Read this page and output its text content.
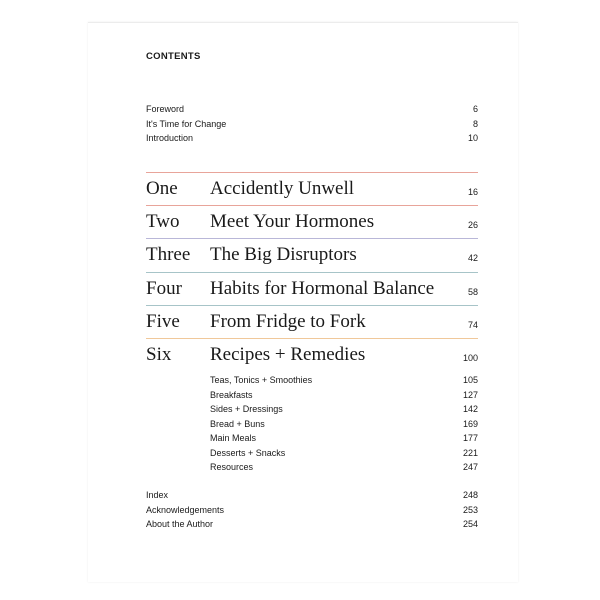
CONTENTS
Foreword	6
It's Time for Change	8
Introduction	10
One	Accidently Unwell	16
Two	Meet Your Hormones	26
Three	The Big Disruptors	42
Four	Habits for Hormonal Balance	58
Five	From Fridge to Fork	74
Six	Recipes + Remedies	100
Teas, Tonics + Smoothies	105
Breakfasts	127
Sides + Dressings	142
Bread + Buns	169
Main Meals	177
Desserts + Snacks	221
Resources	247
Index	248
Acknowledgements	253
About the Author	254
